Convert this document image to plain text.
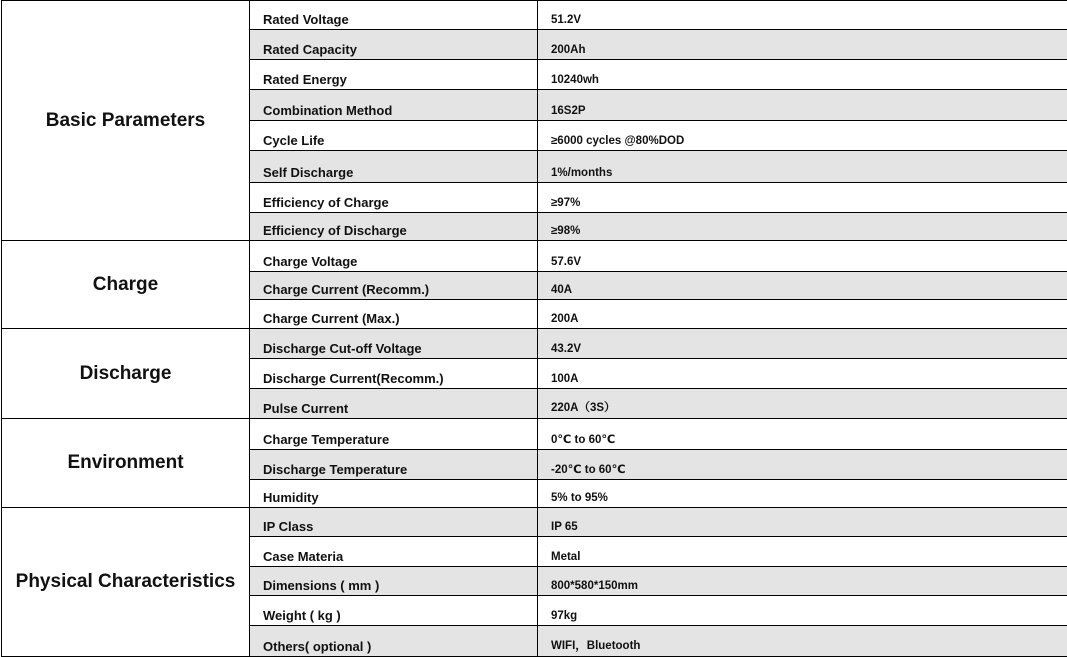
Basic Parameters	Rated Voltage	51.2V
	Rated Capacity	200Ah
	Rated Energy	10240wh
	Combination Method	16S2P
	Cycle Life	≥6000 cycles @80%DOD
	Self Discharge	1%/months
	Efficiency of Charge	≥97%
	Efficiency of Discharge	≥98%
Charge	Charge Voltage	57.6V
	Charge Current (Recomm.)	40A
	Charge Current (Max.)	200A
Discharge	Discharge Cut-off Voltage	43.2V
	Discharge Current(Recomm.)	100A
	Pulse Current	220A（3S）
Environment	Charge Temperature	0℃ to 60℃
	Discharge Temperature	-20℃ to 60℃
	Humidity	5% to 95%
Physical Characteristics	IP Class	IP 65
	Case Materia	Metal
	Dimensions ( mm )	800*580*150mm
	Weight ( kg )	97kg
	Others( optional )	WIFI，Bluetooth
